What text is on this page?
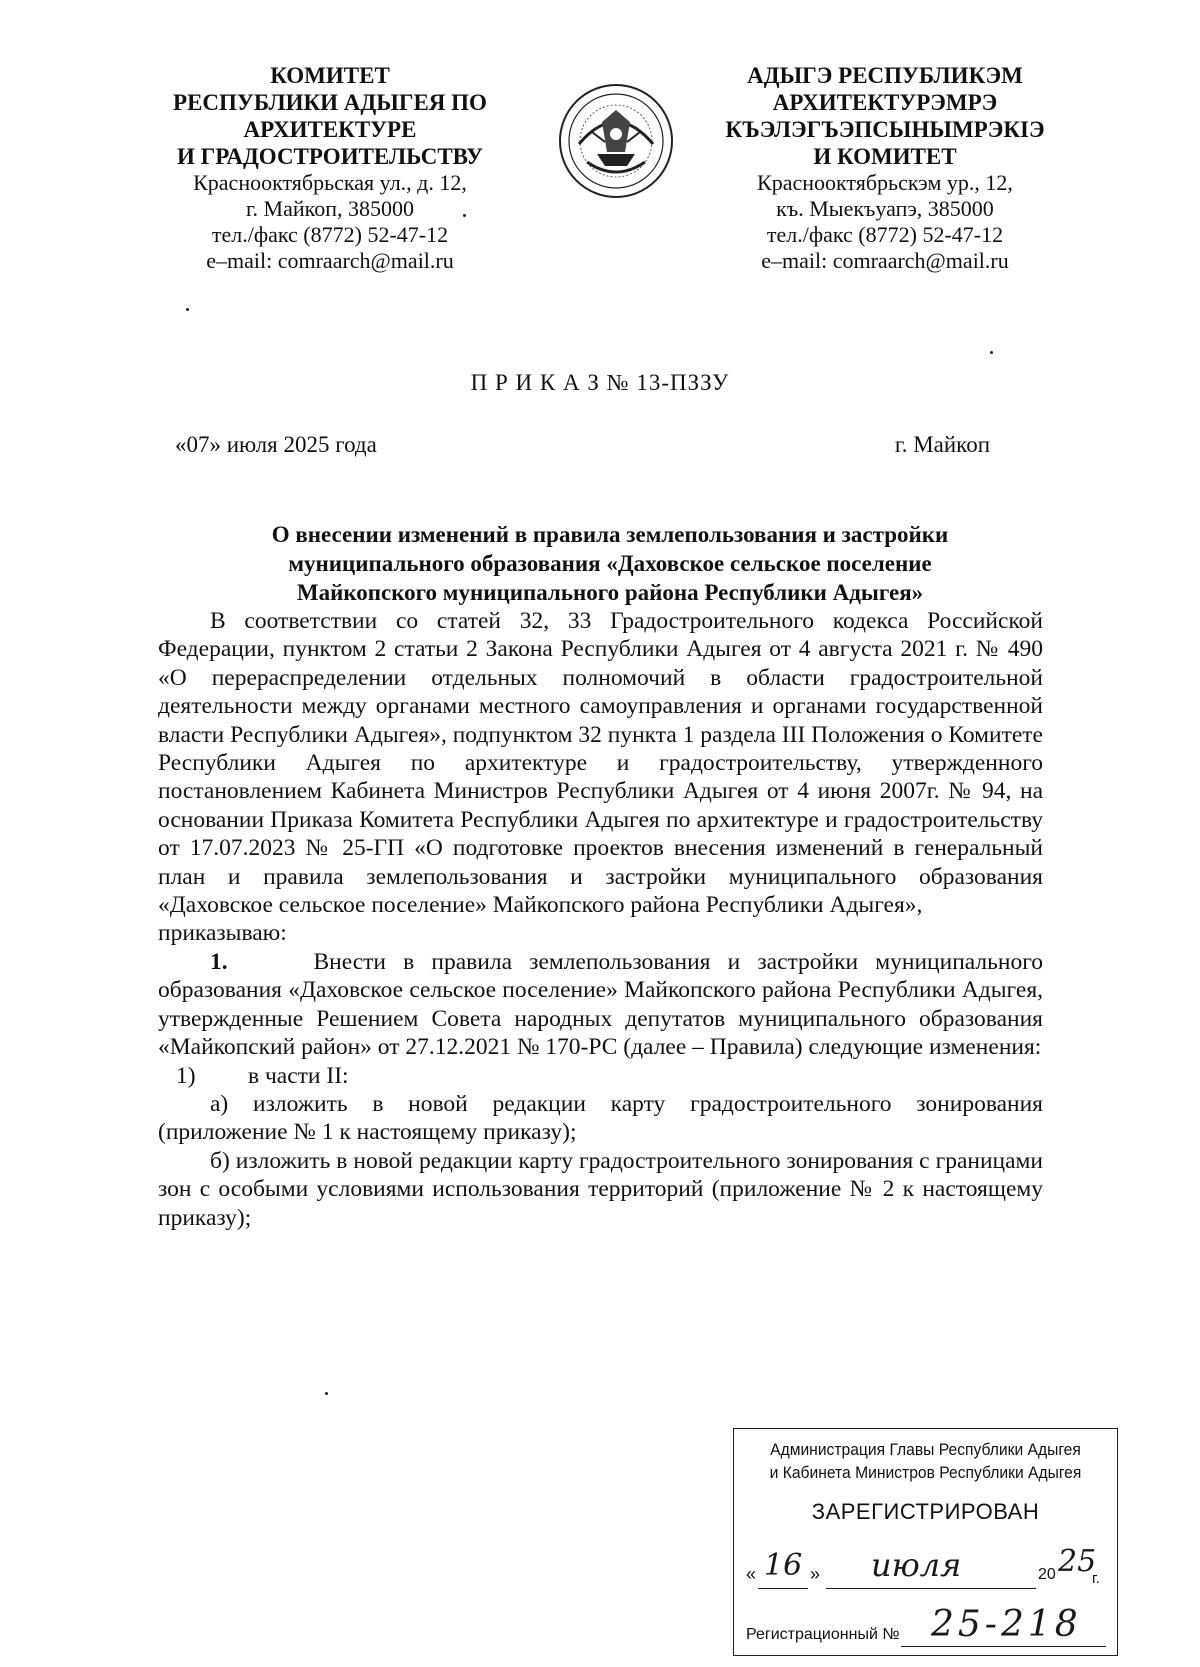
КОМИТЕТ
РЕСПУБЛИКИ АДЫГЕЯ ПО
АРХИТЕКТУРЕ
И ГРАДОСТРОИТЕЛЬСТВУ
Краснооктябрьская ул., д. 12,
г. Майкоп, 385000
тел./факс (8772) 52-47-12
e–mail: comraarch@mail.ru
АДЫГЭ РЕСПУБЛИКЭМ
АРХИТЕКТУРЭМРЭ
КЪЭЛЭГЪЭПСЫНЫМРЭКІЭ
И КОМИТЕТ
Краснооктябрьскэм ур., 12,
къ. Мыекъуапэ, 385000
тел./факс (8772) 52-47-12
e–mail: comraarch@mail.ru
П Р И К А З № 13-ПЗЗУ
«07» июля 2025 года	г. Майкоп
О внесении изменений в правила землепользования и застройки
муниципального образования «Даховское сельское поселение
Майкопского муниципального района Республики Адыгея»

В соответствии со статей 32, 33 Градостроительного кодекса Российской Федерации, пунктом 2 статьи 2 Закона Республики Адыгея от 4 августа 2021 г. № 490 «О перераспределении отдельных полномочий в области градостроительной деятельности между органами местного самоуправления и органами государственной власти Республики Адыгея», подпунктом 32 пункта 1 раздела III Положения о Комитете Республики Адыгея по архитектуре и градостроительству, утвержденного постановлением Кабинета Министров Республики Адыгея от 4 июня 2007г. № 94, на основании Приказа Комитета Республики Адыгея по архитектуре и градостроительству от 17.07.2023 № 25-ГП «О подготовке проектов внесения изменений в генеральный план и правила землепользования и застройки муниципального образования «Даховское сельское поселение» Майкопского района Республики Адыгея»,

приказываю:

1.	Внести в правила землепользования и застройки муниципального образования «Даховское сельское поселение» Майкопского района Республики Адыгея, утвержденные Решением Совета народных депутатов муниципального образования «Майкопский район» от 27.12.2021 № 170-РС (далее – Правила) следующие изменения:

1) в части II:

а) изложить в новой редакции карту градостроительного зонирования (приложение № 1 к настоящему приказу);

б) изложить в новой редакции карту градостроительного зонирования с границами зон с особыми условиями использования территорий (приложение № 2 к настоящему приказу);

Администрация Главы Республики Адыгея
и Кабинета Министров Республики Адыгея
ЗАРЕГИСТРИРОВАН
« 16 » июля	20 25
г.
Регистрационный № 25-218
